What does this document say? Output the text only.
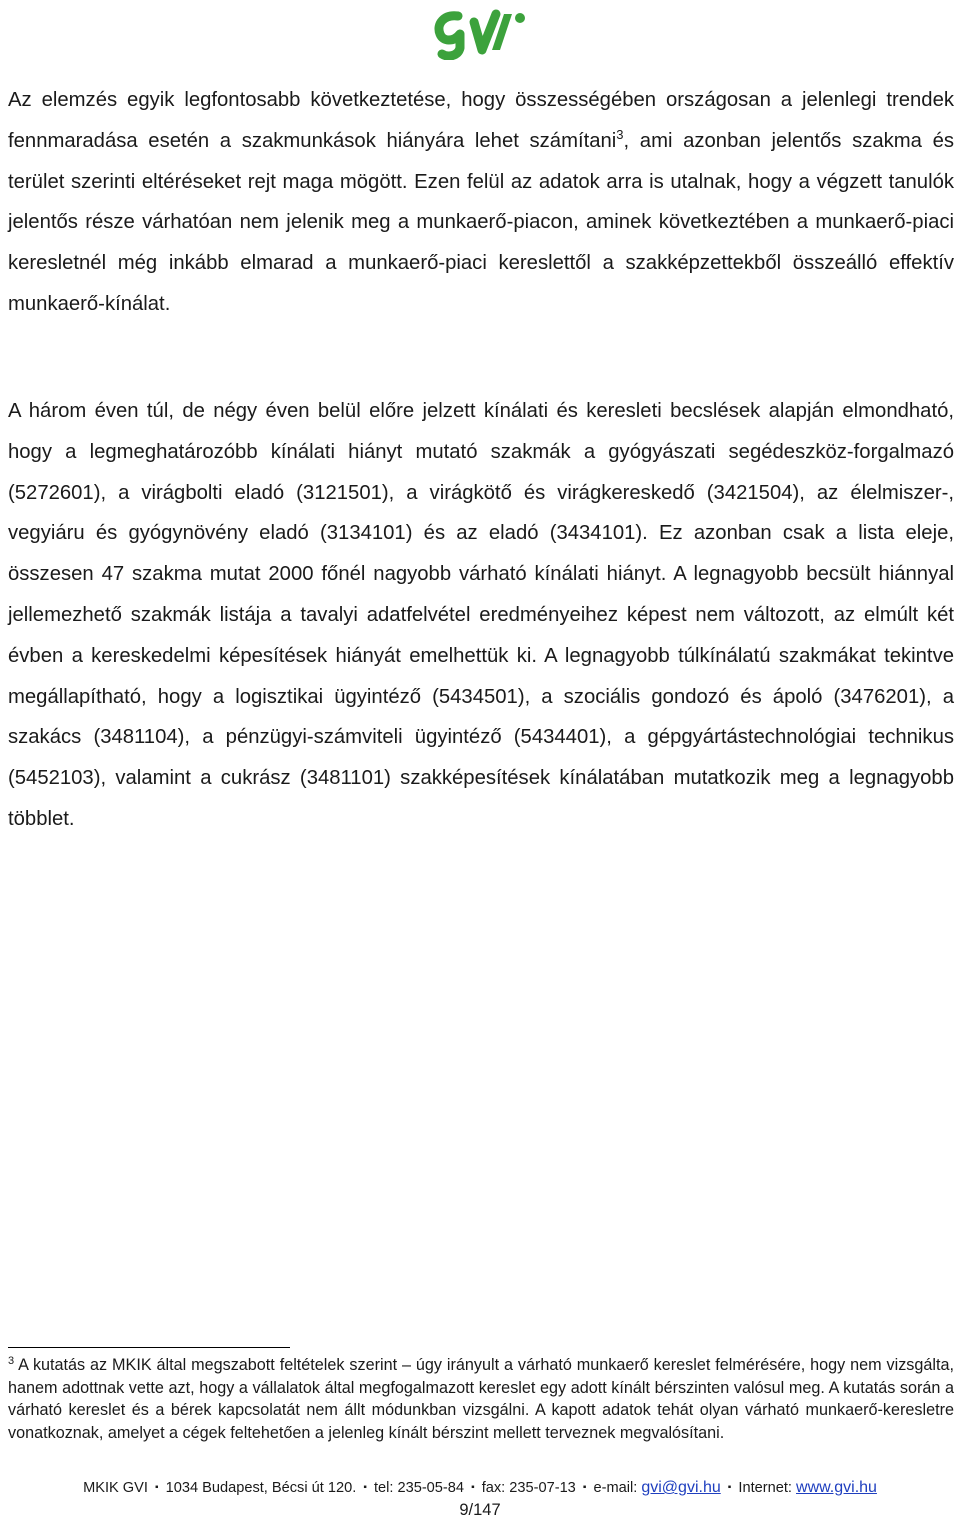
Az elemzés egyik legfontosabb következtetése, hogy összességében országosan a jelenlegi trendek fennmaradása esetén a szakmunkások hiányára lehet számítani$^3$, ami azonban jelentős szakma és terület szerinti eltéréseket rejt maga mögött. Ezen felül az adatok arra is utalnak, hogy a végzett tanulók jelentős része várhatóan nem jelenik meg a munkaerő-piacon, aminek következtében a munkaerő-piaci keresletnél még inkább elmarad a munkaerő-piaci kereslettől a szakképzettekből összeálló effektív munkaerő-kínálat.

A három éven túl, de négy éven belül előre jelzett kínálati és keresleti becslések alapján elmondható, hogy a legmeghatározóbb kínálati hiányt mutató szakmák a gyógyászati segédeszköz-forgalmazó (5272601), a virágbolti eladó (3121501), a virágkötő és virágkereskedő (3421504), az élelmiszer-, vegyiáru és gyógynövény eladó (3134101) és az eladó (3434101). Ez azonban csak a lista eleje, összesen 47 szakma mutat 2000 főnél nagyobb várható kínálati hiányt. A legnagyobb becsült hiánnyal jellemezhető szakmák listája a tavalyi adatfelvétel eredményeihez képest nem változott, az elmúlt két évben a kereskedelmi képesítések hiányát emelhettük ki. A legnagyobb túlkínálatú szakmákat tekintve megállapítható, hogy a logisztikai ügyintéző (5434501), a szociális gondozó és ápoló (3476201), a szakács (3481104), a pénzügyi-számviteli ügyintéző (5434401), a gépgyártástechnológiai technikus (5452103), valamint a cukrász (3481101) szakképesítések kínálatában mutatkozik meg a legnagyobb többlet.

$^3$ A kutatás az MKIK által megszabott feltételek szerint – úgy irányult a várható munkaerő kereslet felmérésére, hogy nem vizsgálta, hanem adottnak vette azt, hogy a vállalatok által megfogalmazott kereslet egy adott kínált bérszinten valósul meg. A kutatás során a várható kereslet és a bérek kapcsolatát nem állt módunkban vizsgálni. A kapott adatok tehát olyan várható munkaerő-keresletre vonatkoznak, amelyet a cégek feltehetően a jelenleg kínált bérszint mellett terveznek megvalósítani.

MKIK GVI ▪ 1034 Budapest, Bécsi út 120. ▪ tel: 235-05-84 ▪ fax: 235-07-13 ▪ e-mail: gvi@gvi.hu ▪ Internet: www.gvi.hu
9/147
